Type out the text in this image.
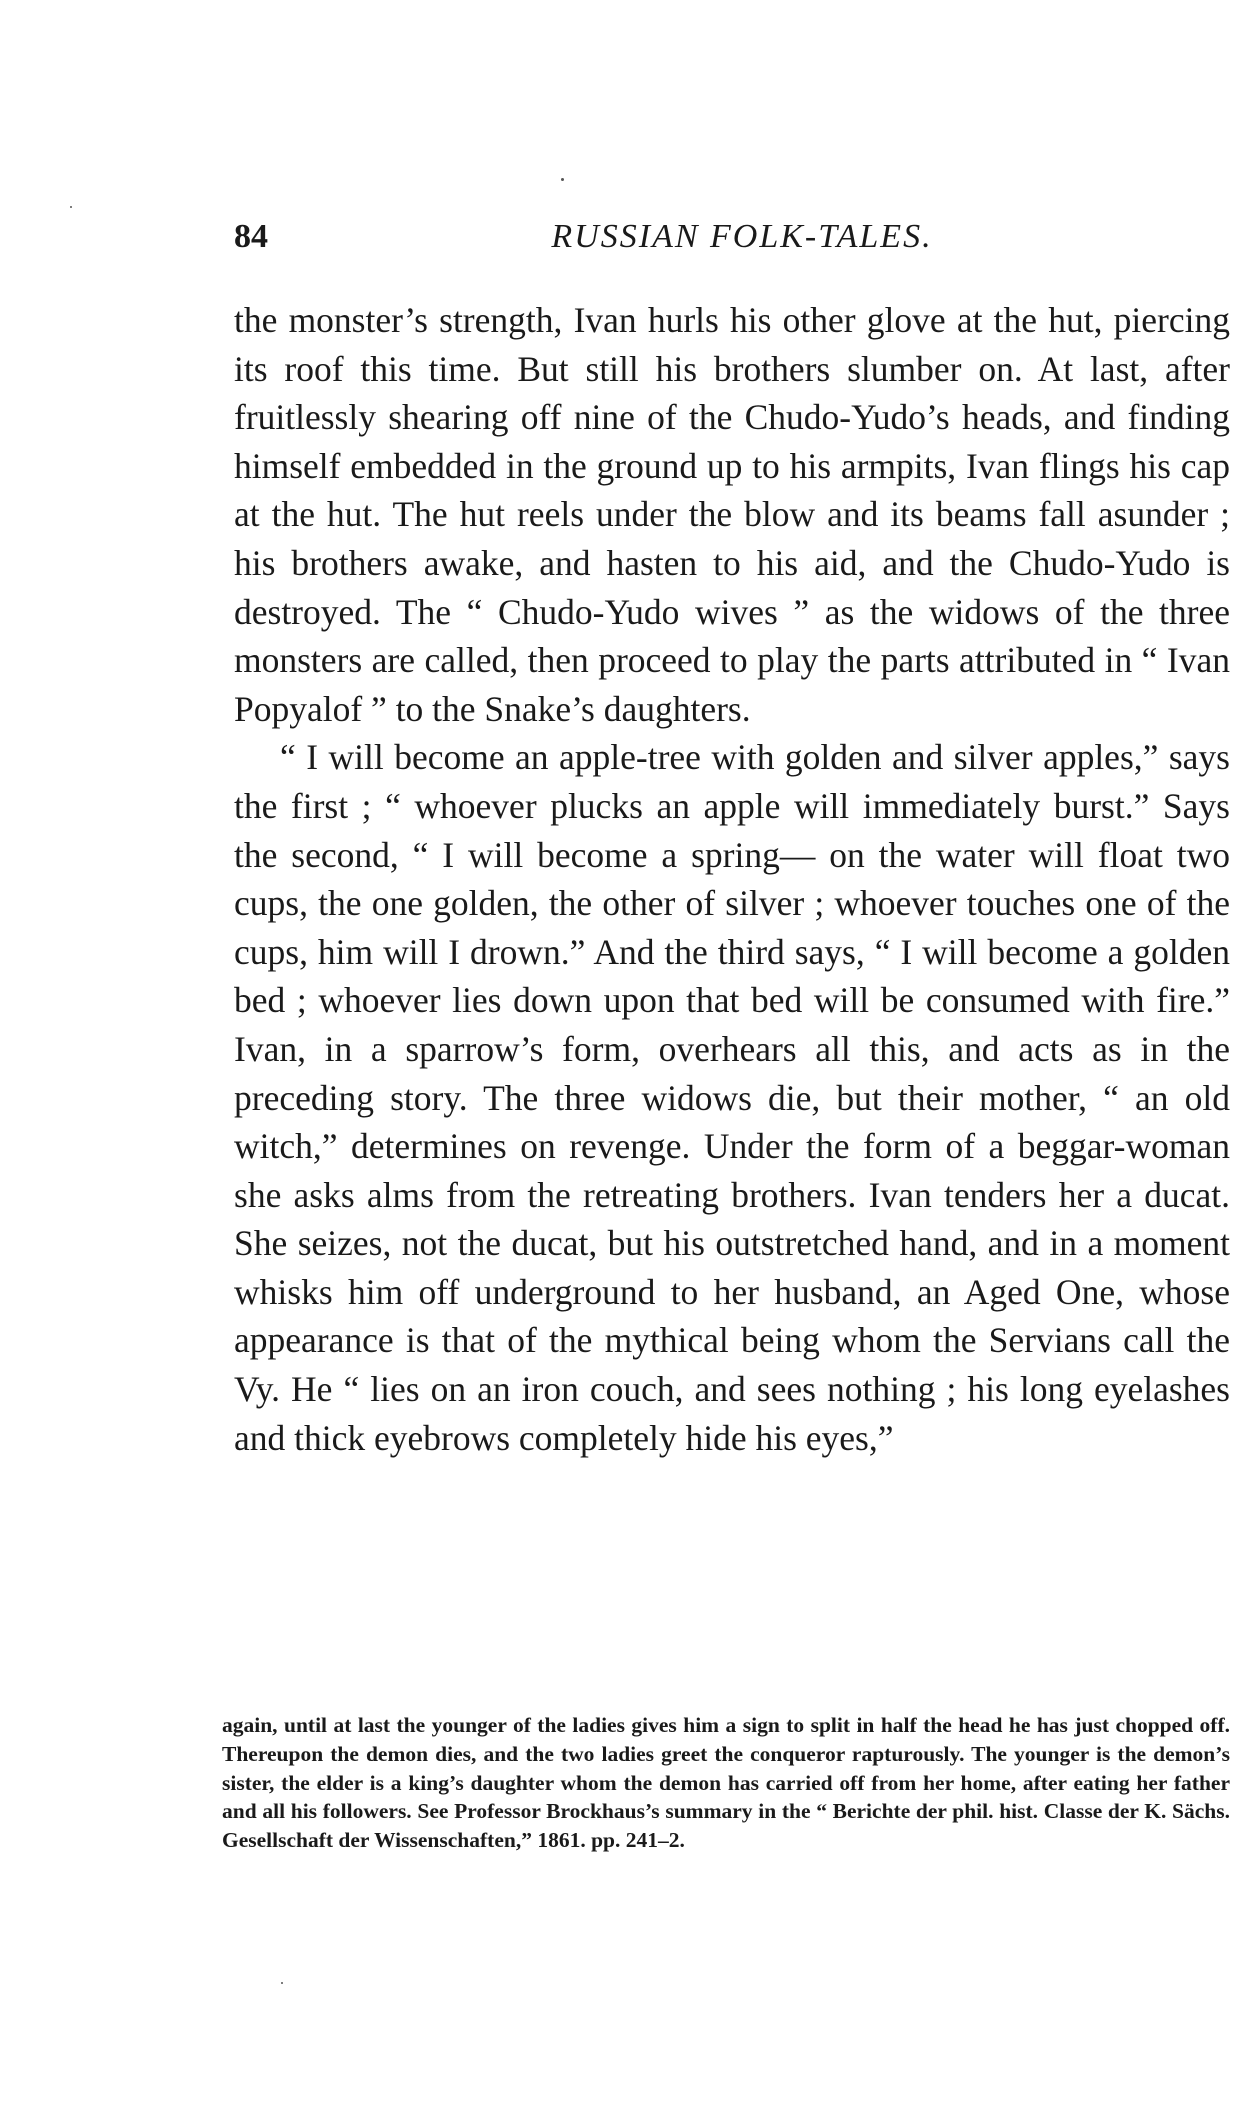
84	RUSSIAN FOLK-TALES.

the monster’s strength, Ivan hurls his other glove at the hut, piercing its roof this time. But still his brothers slumber on. At last, after fruitlessly shearing off nine of the Chudo-Yudo’s heads, and finding himself embedded in the ground up to his armpits, Ivan flings his cap at the hut. The hut reels under the blow and its beams fall asunder ; his brothers awake, and hasten to his aid, and the Chudo-Yudo is destroyed. The “ Chudo-Yudo wives ” as the widows of the three monsters are called, then proceed to play the parts attributed in “ Ivan Popyalof ” to the Snake’s daughters.

“ I will become an apple-tree with golden and silver apples,” says the first ; “ whoever plucks an apple will immediately burst.” Says the second, “ I will become a spring— on the water will float two cups, the one golden, the other of silver ; whoever touches one of the cups, him will I drown.” And the third says, “ I will become a golden bed ; whoever lies down upon that bed will be consumed with fire.” Ivan, in a sparrow’s form, overhears all this, and acts as in the preceding story. The three widows die, but their mother, “ an old witch,” determines on revenge. Under the form of a beggar-woman she asks alms from the retreating brothers. Ivan tenders her a ducat. She seizes, not the ducat, but his outstretched hand, and in a moment whisks him off underground to her husband, an Aged One, whose appearance is that of the mythical being whom the Servians call the Vy. He “ lies on an iron couch, and sees nothing ; his long eyelashes and thick eyebrows completely hide his eyes,”

again, until at last the younger of the ladies gives him a sign to split in half the head he has just chopped off. Thereupon the demon dies, and the two ladies greet the conqueror rapturously. The younger is the demon’s sister, the elder is a king’s daughter whom the demon has carried off from her home, after eating her father and all his followers. See Professor Brockhaus’s summary in the “ Berichte der phil. hist. Classe der K. Sächs. Gesellschaft der Wissenschaften,” 1861. pp. 241–2.
